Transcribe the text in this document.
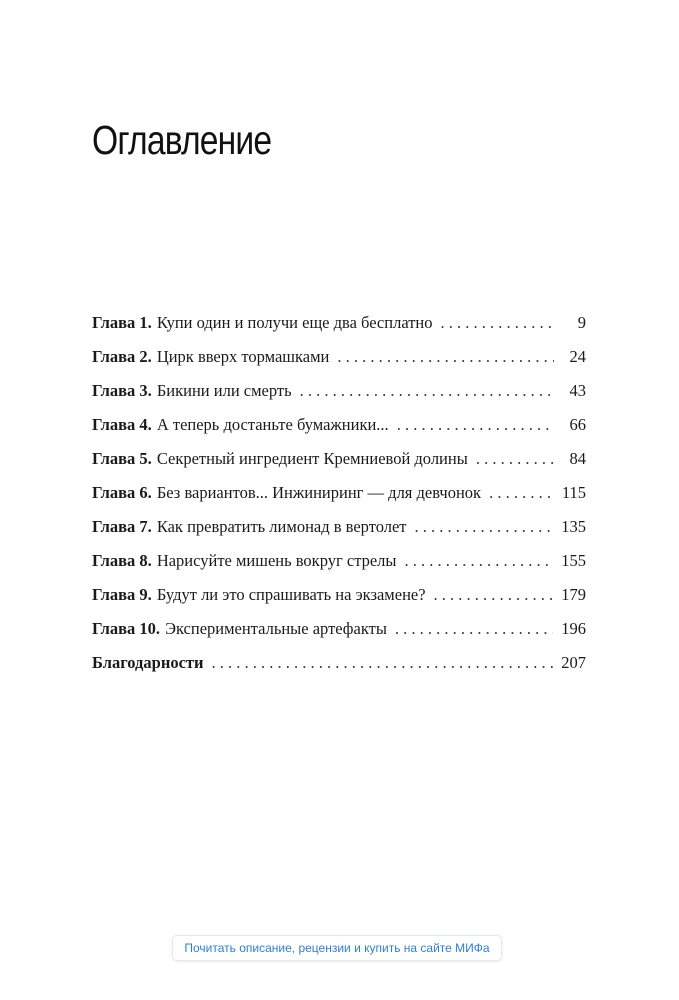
Оглавление
Глава 1. Купи один и получи еще два бесплатно . . .	9
Глава 2. Цирк вверх тормашками . . .	24
Глава 3. Бикини или смерть . . .	43
Глава 4. А теперь достаньте бумажники... . . .	66
Глава 5. Секретный ингредиент Кремниевой долины . . .	84
Глава 6. Без вариантов... Инжиниринг — для девчонок . . .	115
Глава 7. Как превратить лимонад в вертолет . . .	135
Глава 8. Нарисуйте мишень вокруг стрелы . . .	155
Глава 9. Будут ли это спрашивать на экзамене? . . .	179
Глава 10. Экспериментальные артефакты . . .	196
Благодарности . . .	207
Почитать описание, рецензии и купить на сайте МИФа
